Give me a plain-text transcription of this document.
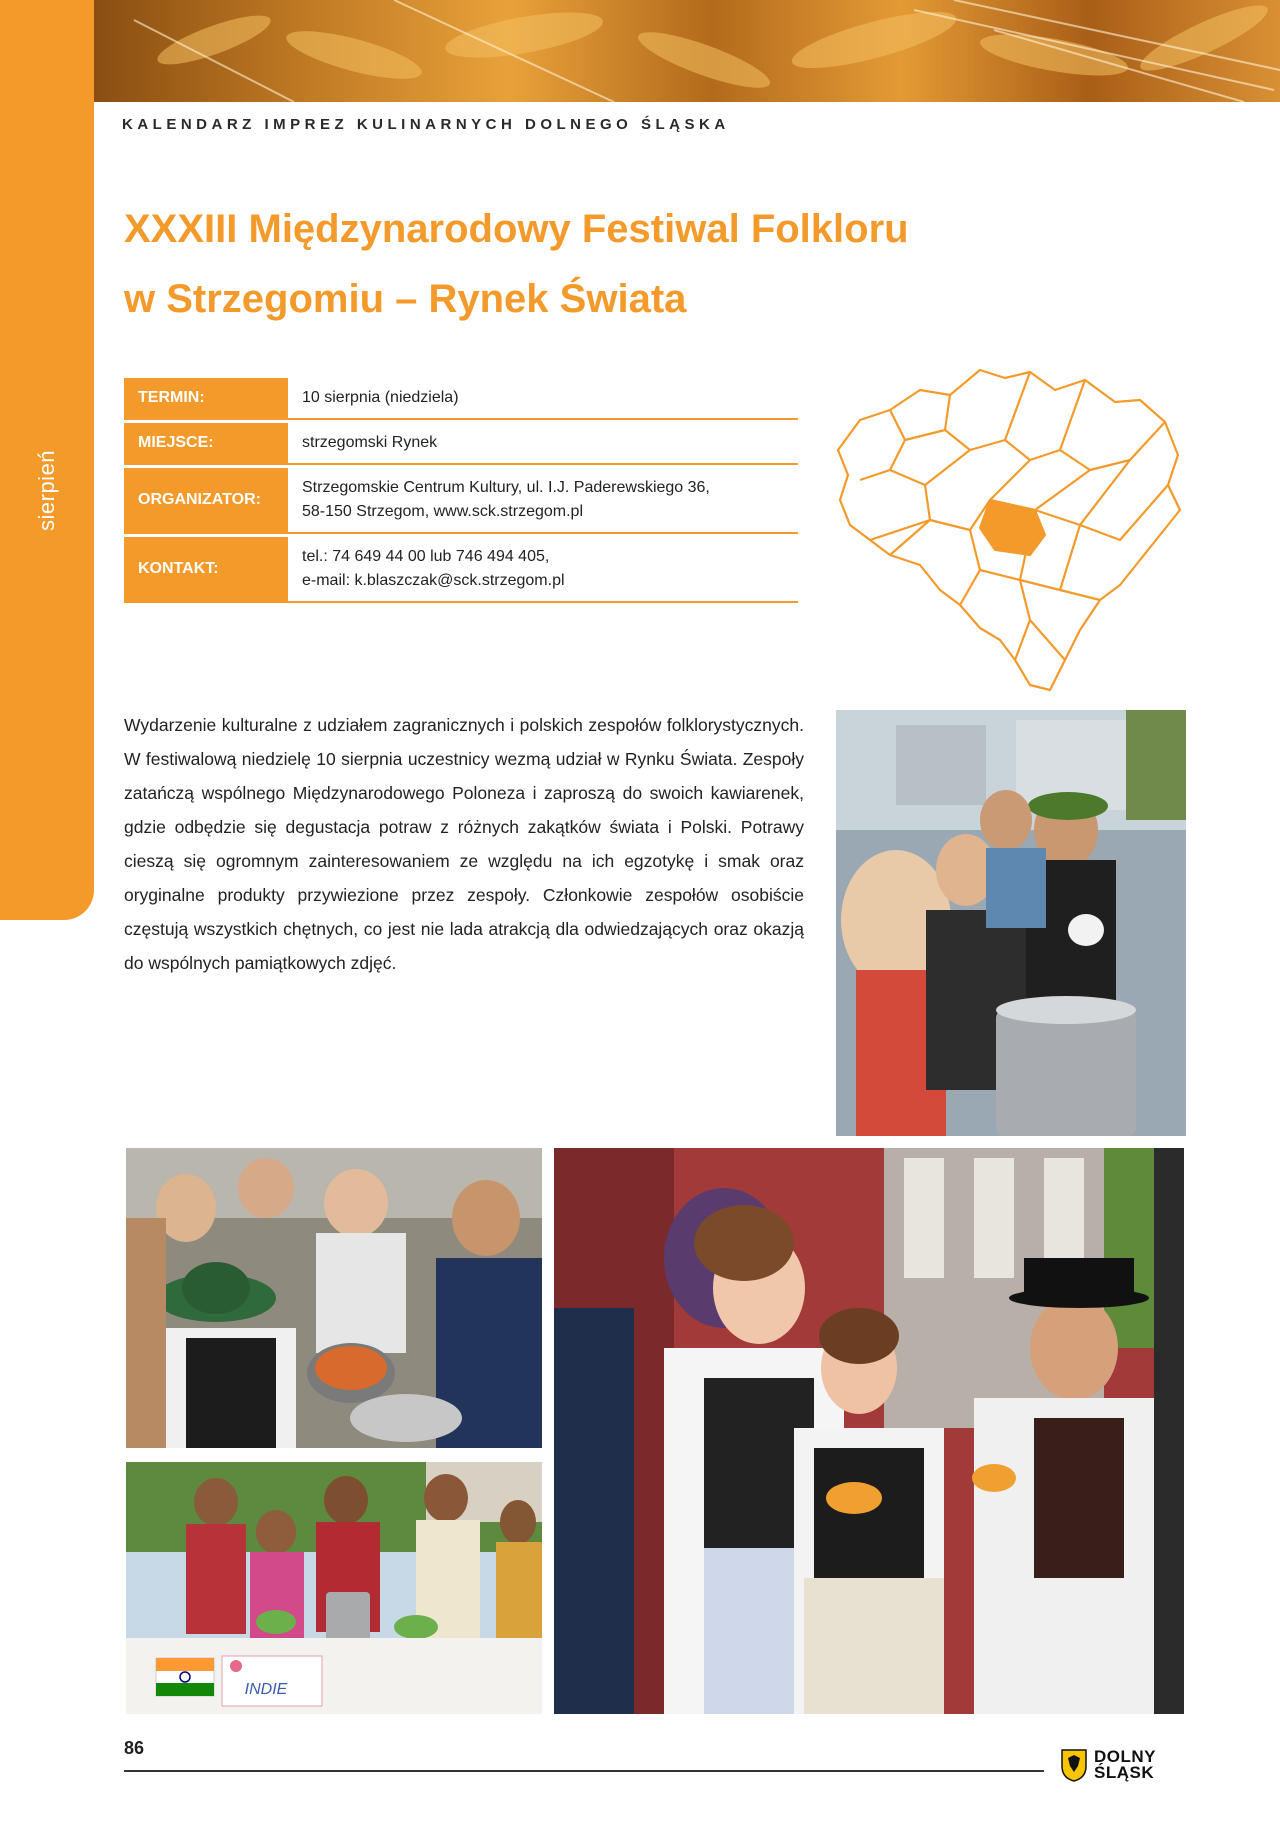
sierpień
KALENDARZ IMPREZ KULINARNYCH DOLNEGO ŚLĄSKA
XXXIII Międzynarodowy Festiwal Folkloru
w Strzegomiu – Rynek Świata
TERMIN:	10 sierpnia (niedziela)
MIEJSCE:	strzegomski Rynek
ORGANIZATOR:
Strzegomskie Centrum Kultury, ul. I.J. Paderewskiego 36,
58-150 Strzegom, www.sck.strzegom.pl
KONTAKT:
tel.: 74 649 44 00 lub 746 494 405,
e-mail: k.blaszczak@sck.strzegom.pl

Wydarzenie kulturalne z udziałem zagranicznych i polskich zespołów folklorystycznych. W festiwalową niedzielę 10 sierpnia uczestnicy wezmą udział w Rynku Świata. Zespoły zatańczą wspólnego Międzynarodowego Poloneza i zaproszą do swoich kawiarenek, gdzie odbędzie się degustacja potraw z różnych zakątków świata i Polski. Potrawy cieszą się ogromnym zainteresowaniem ze względu na ich egzotykę i smak oraz oryginalne produkty przywiezione przez zespoły. Członkowie zespołów osobiście częstują wszystkich chętnych, co jest nie lada atrakcją dla odwiedzających oraz okazją do wspólnych pamiątkowych zdjęć.

INDIE
86	DOLNY
ŚLĄSK
